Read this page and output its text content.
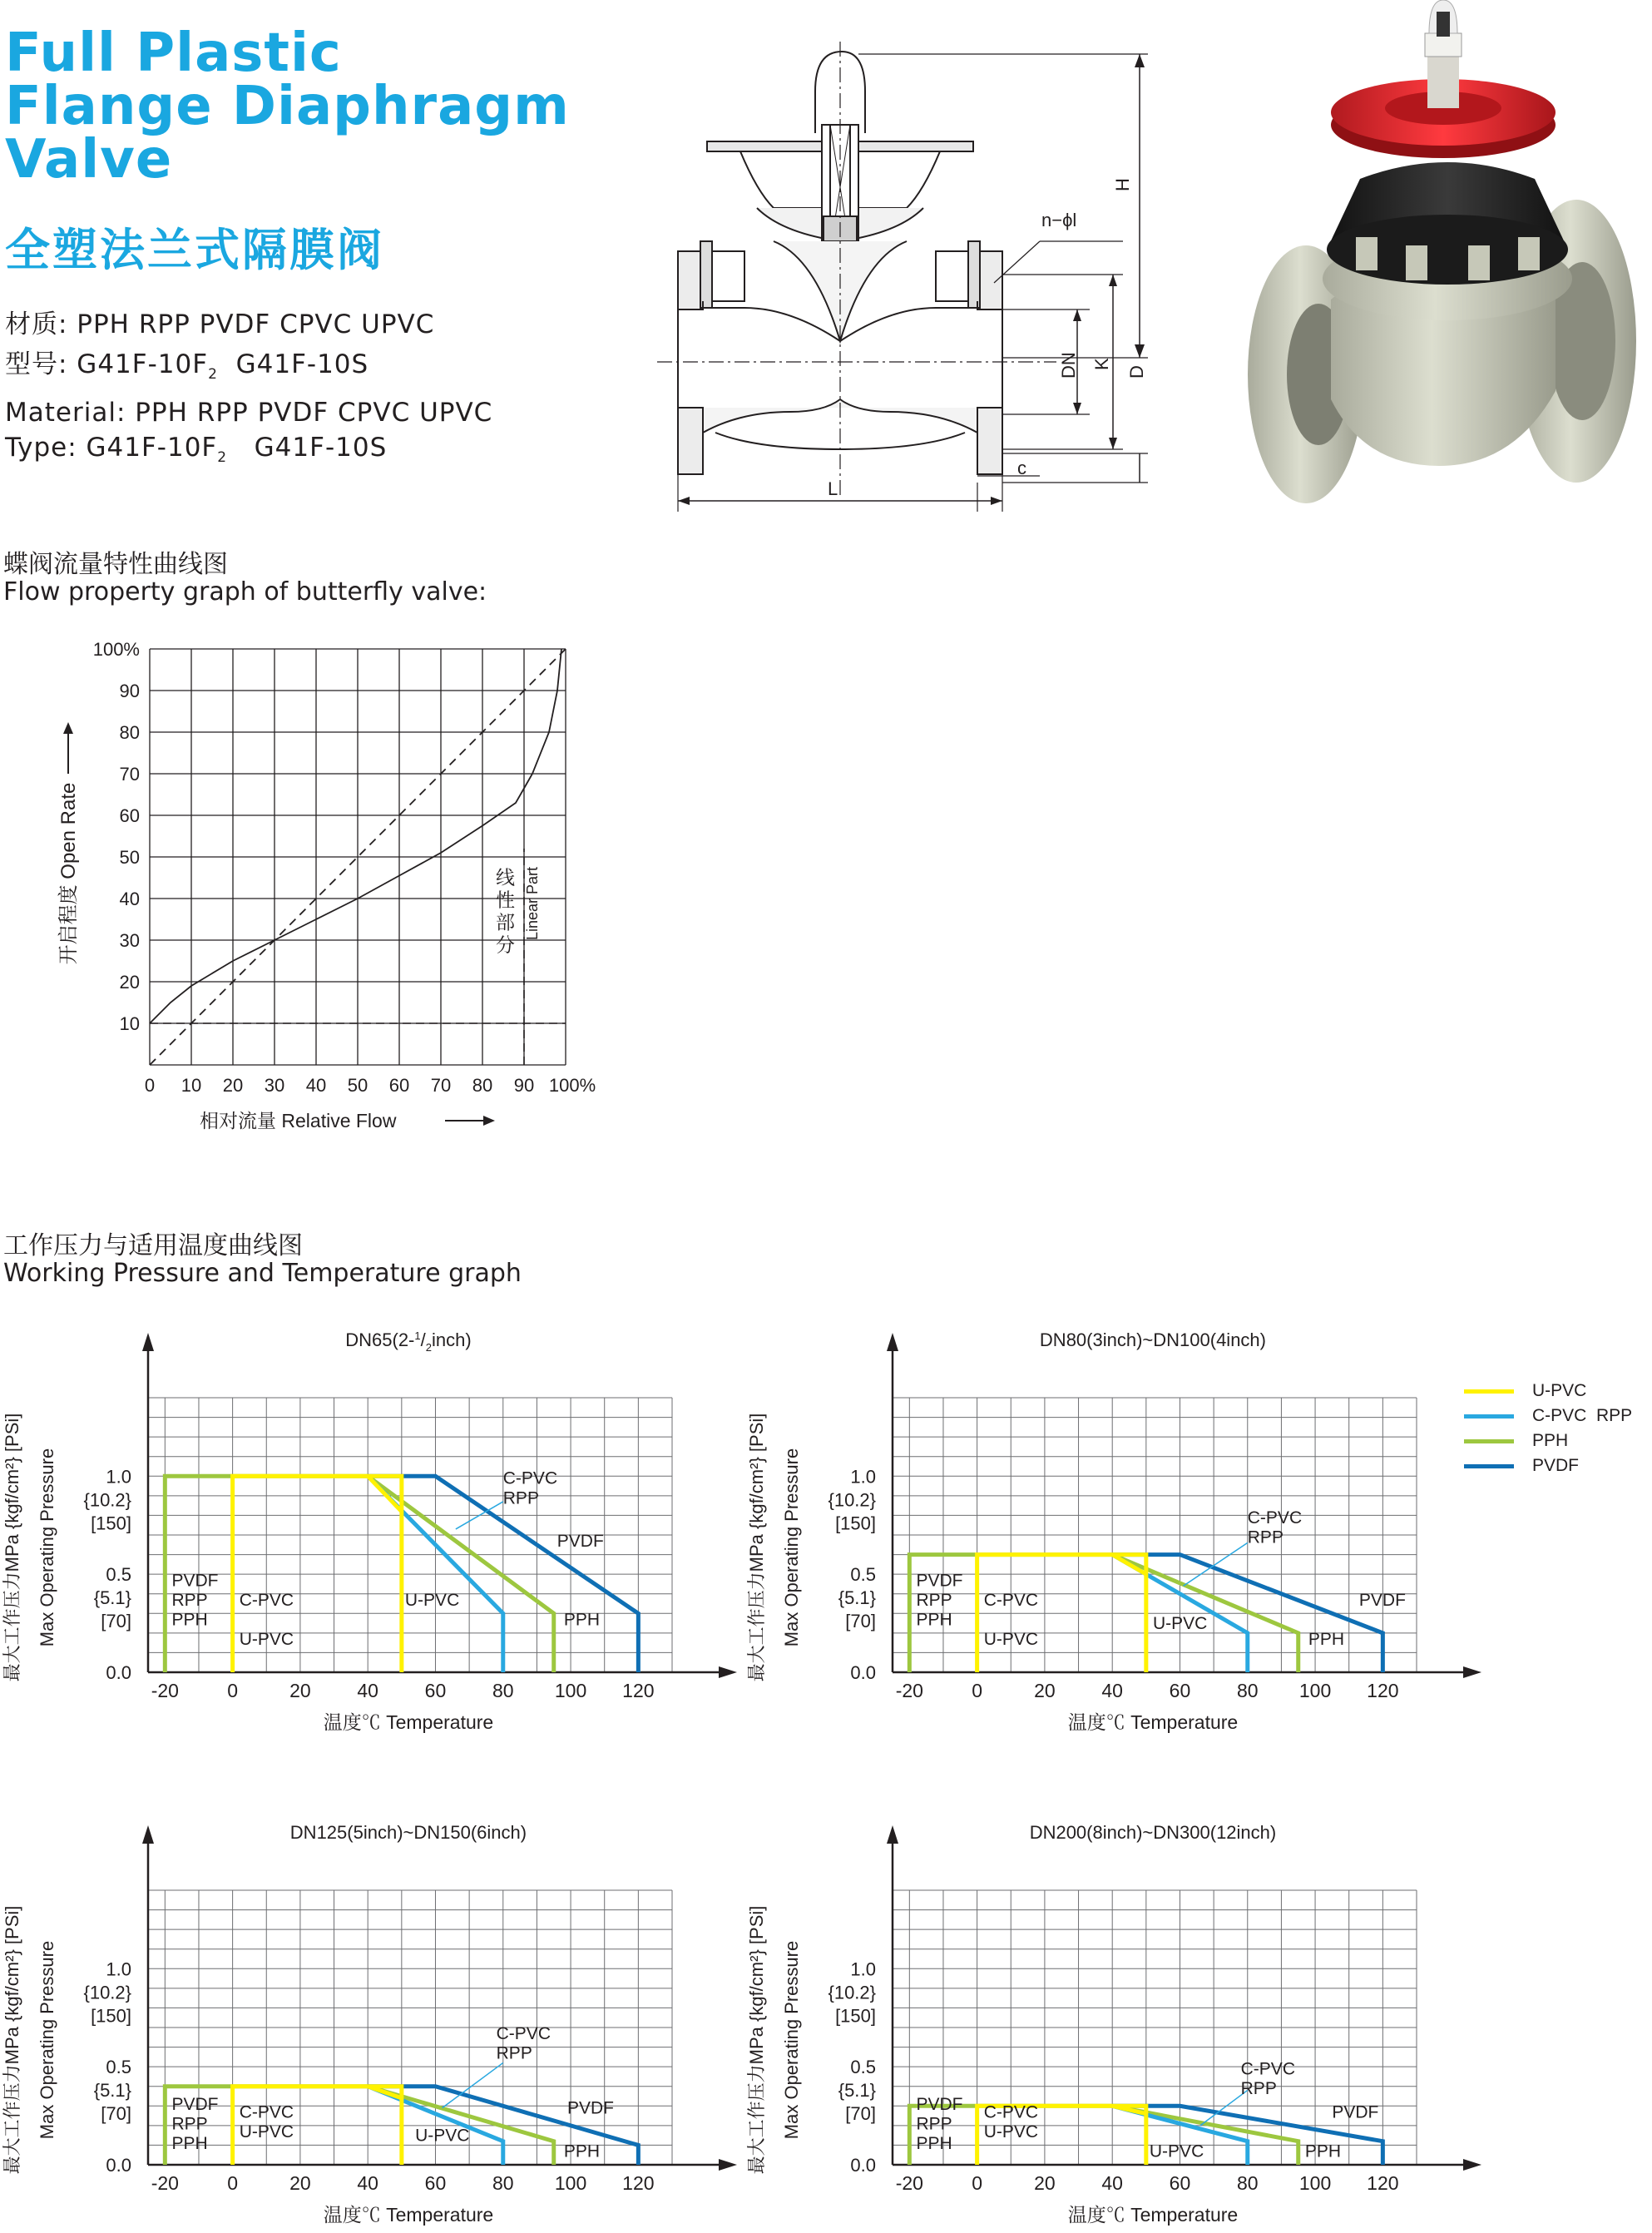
Full Plastic
Flange Diaphragm
Valve
全塑法兰式隔膜阀
材质: PPH RPP PVDF CPVC UPVC
型号: $G41F-10F_2$  G41F-10S
Material: PPH RPP PVDF CPVC UPVC
Type: $G41F-10F_2$   G41F-10S
H
n−ϕl
DN K
D
L
c
蝶阀流量特性曲线图
Flow property graph of butterfly valve:
0 10 20 30 40 50 60 70 80 90 100%
10
20
30
40
50
60
70
80
90
100%
线
性
部
分
Linear Part
开启程度 Open Rate
相对流量 Relative Flow
工作压力与适用温度曲线图
Working Pressure and Temperature graph
$DN65(2-^1/_2inch)$
-20	0	20 40 60 80 100 120
1.0
{10.2}
[150]
0.5
{5.1}
[70]
0.0
最大工作压力MPa {kgf/cm²} [PSi] Max Operating Pressure
温度℃ Temperature
C-PVC
RPP
PVDF
U-PVC
PPH
PVDF
RPP
PPH
C-PVC
U-PVC
DN80(3inch)~DN100(4inch)
-20	0	20 40 60 80 100 120
1.0
{10.2}
[150]
0.5
{5.1}
[70]
0.0
最大工作压力MPa {kgf/cm²} [PSi] Max Operating Pressure
温度℃ Temperature
C-PVC
RPP
PVDF
U-PVC
PPH
PVDF
RPP
PPH
C-PVC
U-PVC
DN125(5inch)~DN150(6inch)
-20	0	20 40 60 80 100 120
1.0
{10.2}
[150]
0.5
{5.1}
[70]
0.0
最大工作压力MPa {kgf/cm²} [PSi] Max Operating Pressure
温度℃ Temperature
C-PVC
RPP
PVDF
U-PVC
PPH
PVDF
RPP
PPH
C-PVC
U-PVC
DN200(8inch)~DN300(12inch)
-20	0	20 40 60 80 100 120
1.0
{10.2}
[150]
0.5
{5.1}
[70]
0.0
最大工作压力MPa {kgf/cm²} [PSi] Max Operating Pressure
温度℃ Temperature
C-PVC
RPP
PVDF
U-PVC	PPH
PVDF
RPP
PPH
C-PVC
U-PVC
U-PVC
C-PVC  RPP
PPH
PVDF
